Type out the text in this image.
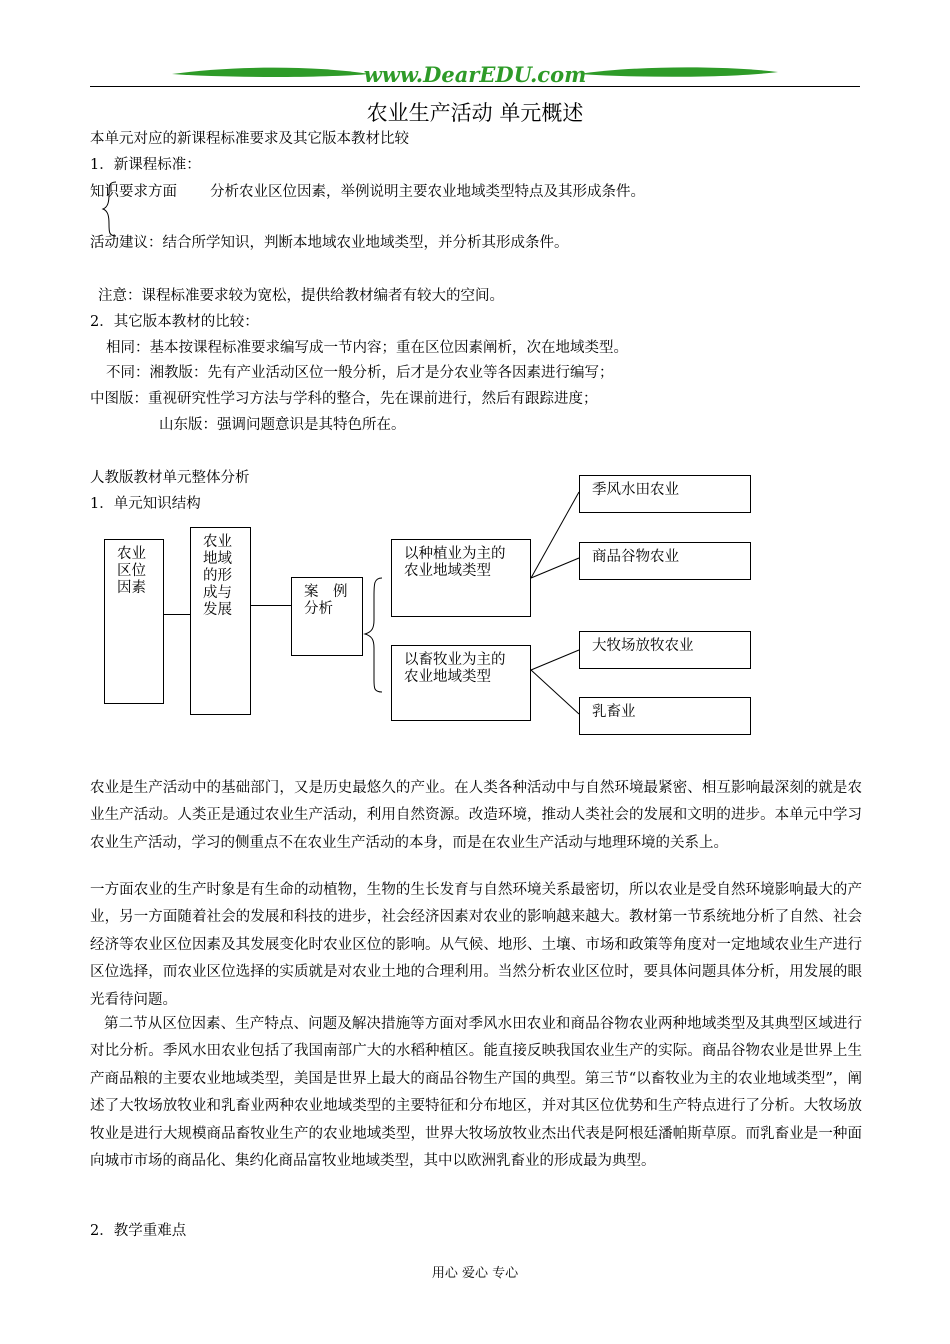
www.DearEDU.com
农业生产活动 单元概述
本单元对应的新课程标准要求及其它版本教材比较
1．新课程标准：
知识要求方面 分析农业区位因素，举例说明主要农业地域类型特点及其形成条件。
活动建议：结合所学知识，判断本地域农业地域类型，并分析其形成条件。
注意：课程标准要求较为宽松，提供给教材编者有较大的空间。
2．其它版本教材的比较：
相同：基本按课程标准要求编写成一节内容；重在区位因素阐析，次在地域类型。
不同：湘教版：先有产业活动区位一般分析，后才是分农业等各因素进行编写；
中图版：重视研究性学习方法与学科的整合，先在课前进行，然后有跟踪进度；
山东版：强调问题意识是其特色所在。
人教版教材单元整体分析
1．单元知识结构
农业
区位
因素
农业
地域
的形
成与
发展
案　例
分析
以种植业为主的
农业地域类型
以畜牧业为主的
农业地域类型
季风水田农业
商品谷物农业
大牧场放牧农业
乳畜业
农业是生产活动中的基础部门，又是历史最悠久的产业。在人类各种活动中与自然环境最紧密、相互影响最深刻的就是农业生产活动。人类正是通过农业生产活动，利用自然资源。改造环境，推动人类社会的发展和文明的进步。本单元中学习农业生产活动，学习的侧重点不在农业生产活动的本身，而是在农业生产活动与地理环境的关系上。
一方面农业的生产时象是有生命的动植物，生物的生长发育与自然环境关系最密切，所以农业是受自然环境影响最大的产业，另一方面随着社会的发展和科技的进步，社会经济因素对农业的影响越来越大。教材第一节系统地分析了自然、社会经济等农业区位因素及其发展变化时农业区位的影响。从气候、地形、土壤、市场和政策等角度对一定地域农业生产进行区位选择，而农业区位选择的实质就是对农业土地的合理利用。当然分析农业区位时，要具体问题具体分析，用发展的眼光看待问题。
第二节从区位因素、生产特点、问题及解决措施等方面对季风水田农业和商品谷物农业两种地域类型及其典型区域进行对比分析。季风水田农业包括了我国南部广大的水稻种植区。能直接反映我国农业生产的实际。商品谷物农业是世界上生产商品粮的主要农业地域类型，美国是世界上最大的商品谷物生产国的典型。第三节“以畜牧业为主的农业地域类型”，阐述了大牧场放牧业和乳畜业两种农业地域类型的主要特征和分布地区，并对其区位优势和生产特点进行了分析。大牧场放牧业是进行大规模商品畜牧业生产的农业地域类型，世界大牧场放牧业杰出代表是阿根廷潘帕斯草原。而乳畜业是一种面向城市市场的商品化、集约化商品富牧业地域类型，其中以欧洲乳畜业的形成最为典型。
2．教学重难点
用心 爱心 专心
